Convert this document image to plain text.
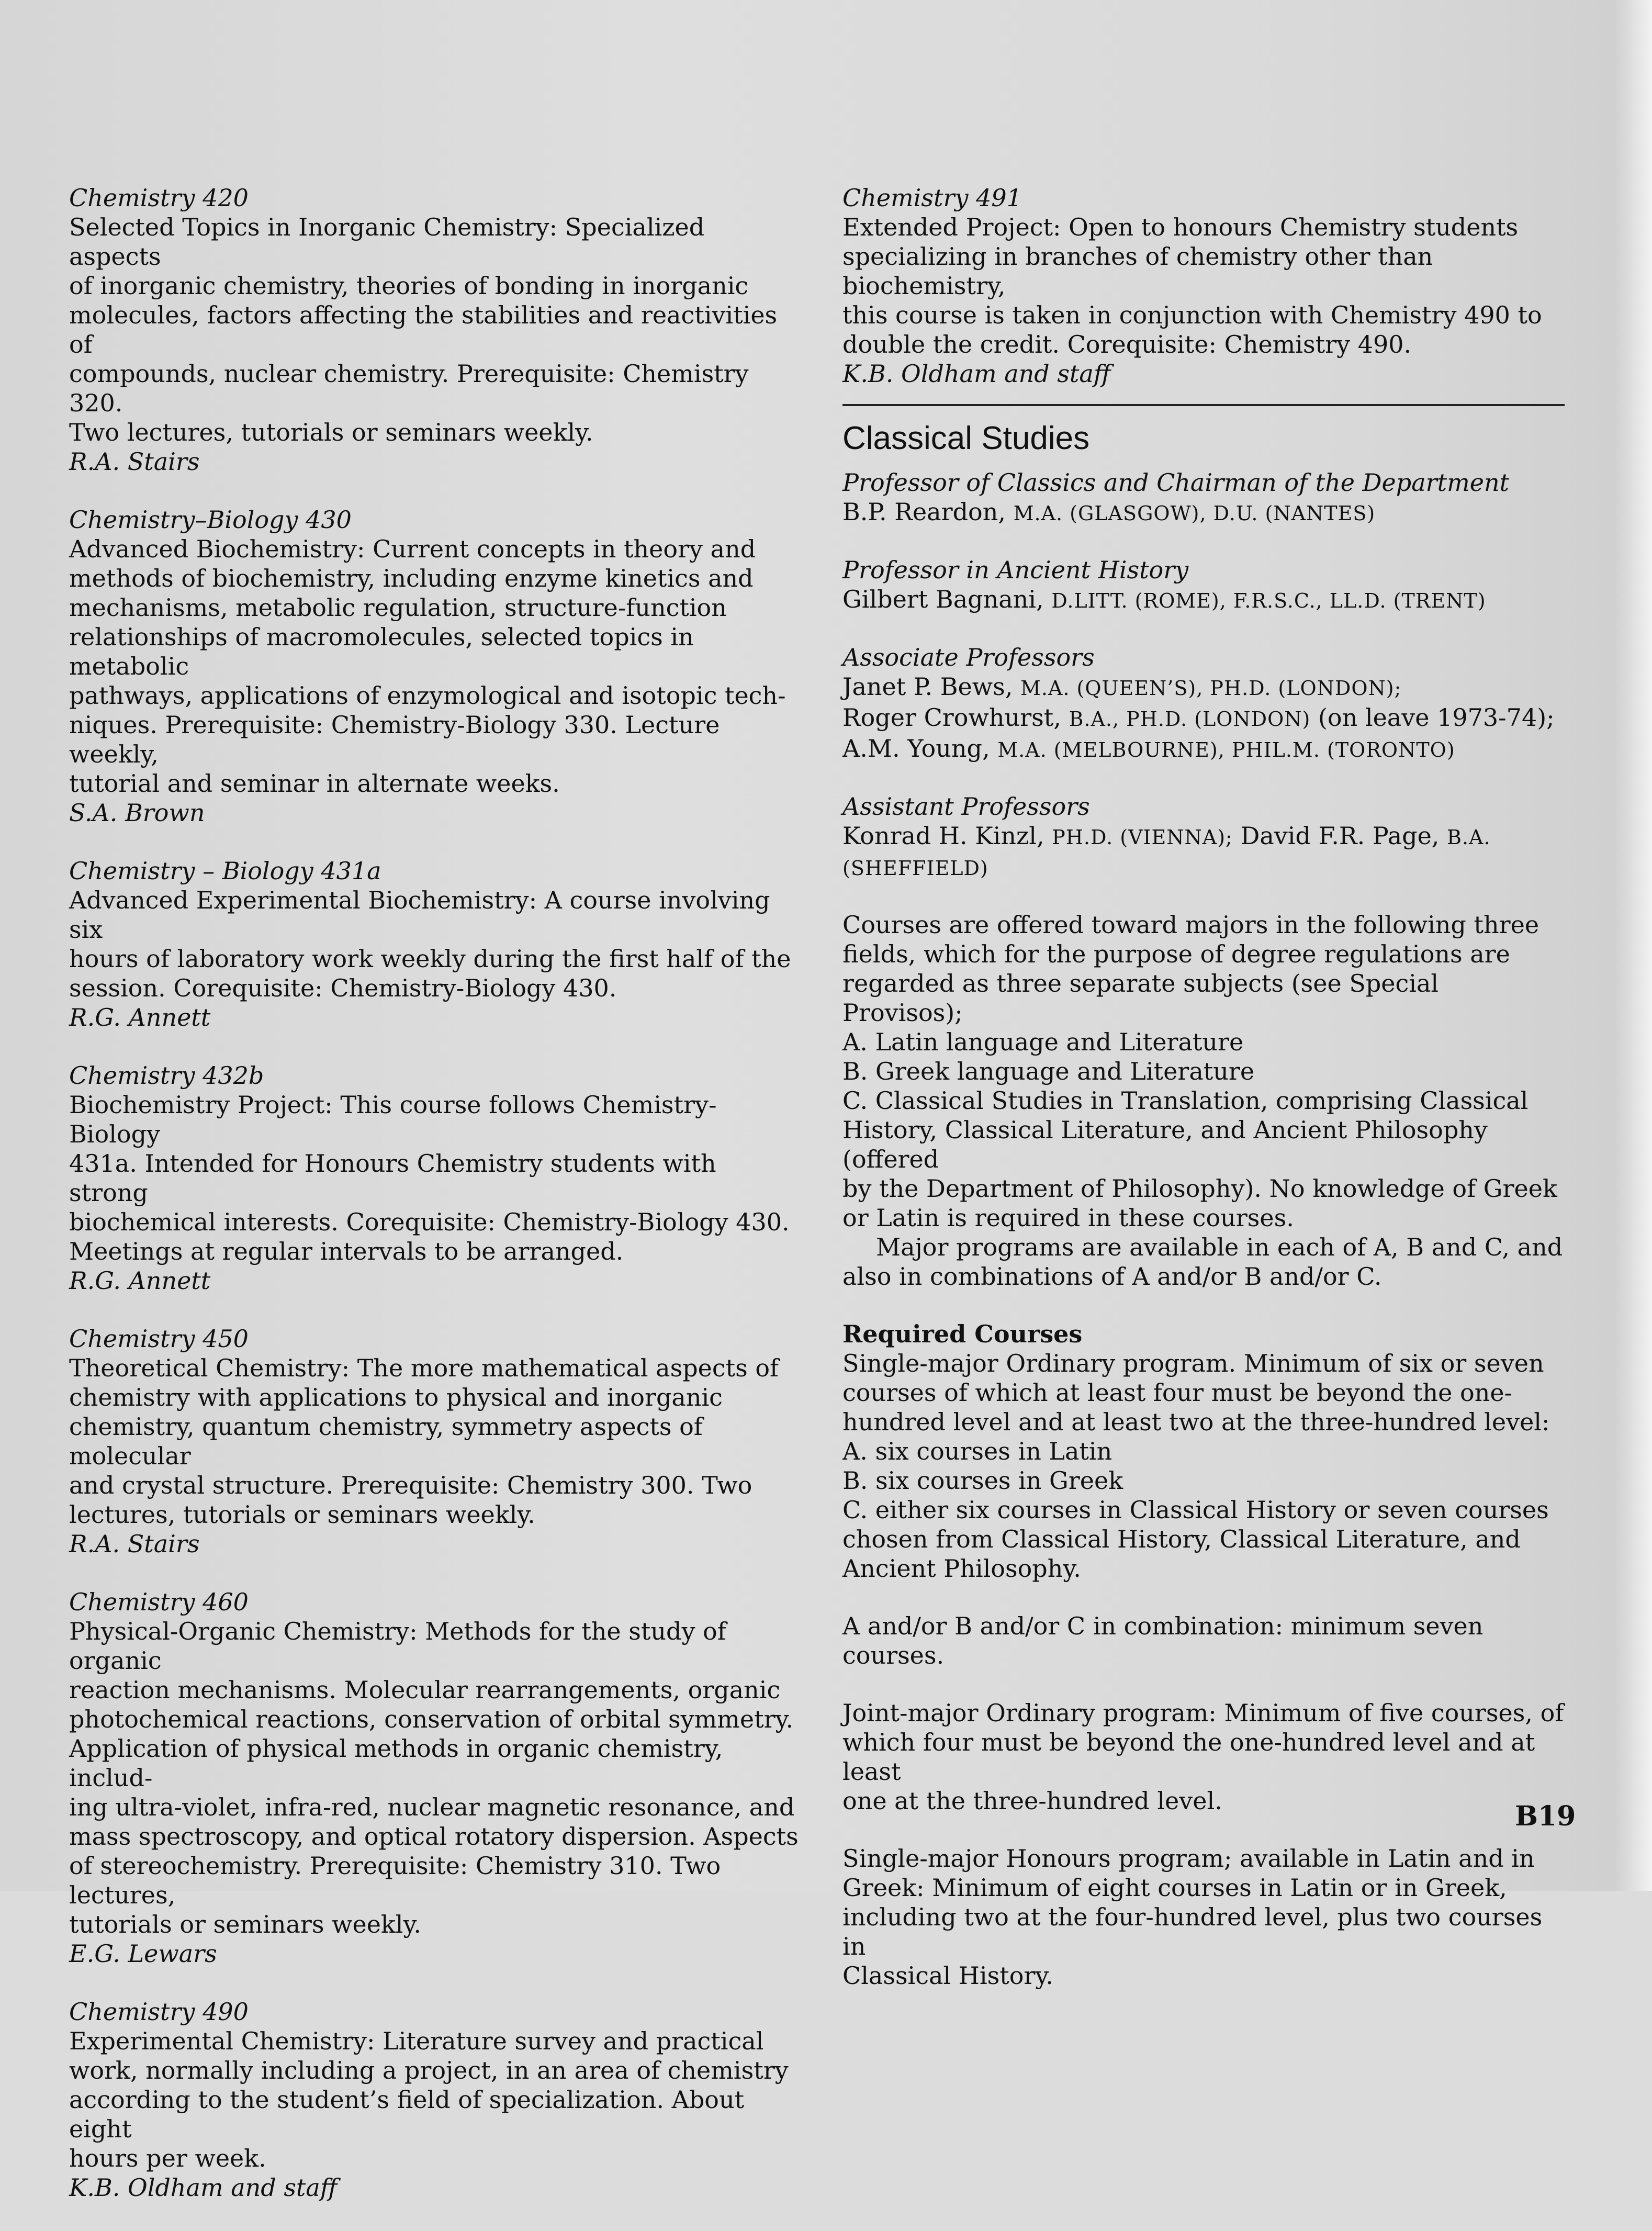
Chemistry 420

Selected Topics in Inorganic Chemistry: Specialized aspects

of inorganic chemistry, theories of bonding in inorganic

molecules, factors affecting the stabilities and reactivities of

compounds, nuclear chemistry. Prerequisite: Chemistry 320.

Two lectures, tutorials or seminars weekly.

R.A. Stairs
Chemistry–Biology 430

Advanced Biochemistry: Current concepts in theory and

methods of biochemistry, including enzyme kinetics and

mechanisms, metabolic regulation, structure-function

relationships of macromolecules, selected topics in metabolic

pathways, applications of enzymological and isotopic tech-

niques. Prerequisite: Chemistry-Biology 330. Lecture weekly,

tutorial and seminar in alternate weeks.

S.A. Brown
Chemistry – Biology 431a

Advanced Experimental Biochemistry: A course involving six

hours of laboratory work weekly during the first half of the

session. Corequisite: Chemistry-Biology 430.

R.G. Annett
Chemistry 432b

Biochemistry Project: This course follows Chemistry-Biology

431a. Intended for Honours Chemistry students with strong

biochemical interests. Corequisite: Chemistry-Biology 430.

Meetings at regular intervals to be arranged.

R.G. Annett
Chemistry 450

Theoretical Chemistry: The more mathematical aspects of

chemistry with applications to physical and inorganic

chemistry, quantum chemistry, symmetry aspects of molecular

and crystal structure. Prerequisite: Chemistry 300. Two

lectures, tutorials or seminars weekly.

R.A. Stairs
Chemistry 460

Physical-Organic Chemistry: Methods for the study of organic

reaction mechanisms. Molecular rearrangements, organic

photochemical reactions, conservation of orbital symmetry.

Application of physical methods in organic chemistry, includ-

ing ultra-violet, infra-red, nuclear magnetic resonance, and

mass spectroscopy, and optical rotatory dispersion. Aspects

of stereochemistry. Prerequisite: Chemistry 310. Two lectures,

tutorials or seminars weekly.

E.G. Lewars
Chemistry 490

Experimental Chemistry: Literature survey and practical

work, normally including a project, in an area of chemistry

according to the student’s field of specialization. About eight

hours per week.

K.B. Oldham and staff
Chemistry 491

Extended Project: Open to honours Chemistry students

specializing in branches of chemistry other than biochemistry,

this course is taken in conjunction with Chemistry 490 to

double the credit. Corequisite: Chemistry 490.

K.B. Oldham and staff
Classical Studies
Professor of Classics and Chairman of the Department
B.P. Reardon, M.A. (GLASGOW), D.U. (NANTES)
Professor in Ancient History
Gilbert Bagnani, D.LITT. (ROME), F.R.S.C., LL.D. (TRENT)
Associate Professors
Janet P. Bews, M.A. (QUEEN’S), PH.D. (LONDON);
Roger Crowhurst, B.A., PH.D. (LONDON) (on leave 1973-74);
A.M. Young, M.A. (MELBOURNE), PHIL.M. (TORONTO)
Assistant Professors
Konrad H. Kinzl, PH.D. (VIENNA); David F.R. Page, B.A. (SHEFFIELD)

Courses are offered toward majors in the following three

fields, which for the purpose of degree regulations are

regarded as three separate subjects (see Special Provisos);

A. Latin language and Literature

B. Greek language and Literature

C. Classical Studies in Translation, comprising Classical

History, Classical Literature, and Ancient Philosophy (offered

by the Department of Philosophy). No knowledge of Greek

or Latin is required in these courses.

Major programs are available in each of A, B and C, and

also in combinations of A and/or B and/or C.

Required Courses

Single-major Ordinary program. Minimum of six or seven

courses of which at least four must be beyond the one-

hundred level and at least two at the three-hundred level:

A. six courses in Latin

B. six courses in Greek

C. either six courses in Classical History or seven courses

chosen from Classical History, Classical Literature, and

Ancient Philosophy.

A and/or B and/or C in combination: minimum seven courses.

Joint-major Ordinary program: Minimum of five courses, of

which four must be beyond the one-hundred level and at least

one at the three-hundred level.

Single-major Honours program; available in Latin and in

Greek: Minimum of eight courses in Latin or in Greek,

including two at the four-hundred level, plus two courses in

Classical History.

B19
